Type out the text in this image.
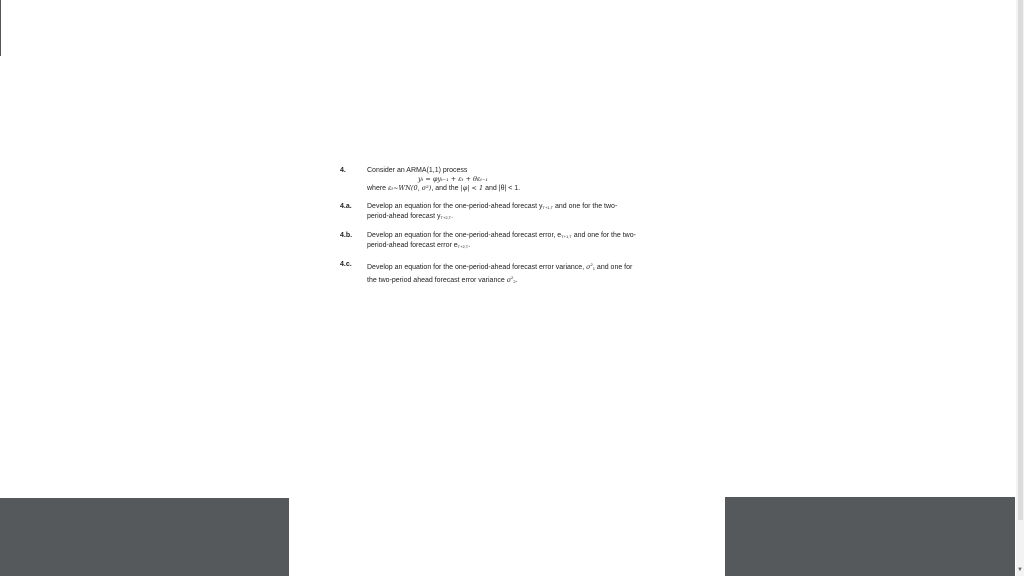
▼
4.	Consider an ARMA(1,1) process
yₜ = φyₜ₋₁ + εₜ + θεₜ₋₁
where εₜ~WN(0, σ²), and the |φ| < 1 and |θ| < 1.
4.a. Develop an equation for the one-period-ahead forecast $y_{T+1,T}$ and one for the two-
period-ahead forecast $y_{T+2,T}$.
4.b. Develop an equation for the one-period-ahead forecast error, $e_{T+1,T}$ and one for the two-
period-ahead forecast error $e_{T+2,T}$.
4.c. Develop an equation for the one-period-ahead forecast error variance, $\sigma^2_1$ and one for
the two-period ahead forecast error variance $\sigma^2_2$.
